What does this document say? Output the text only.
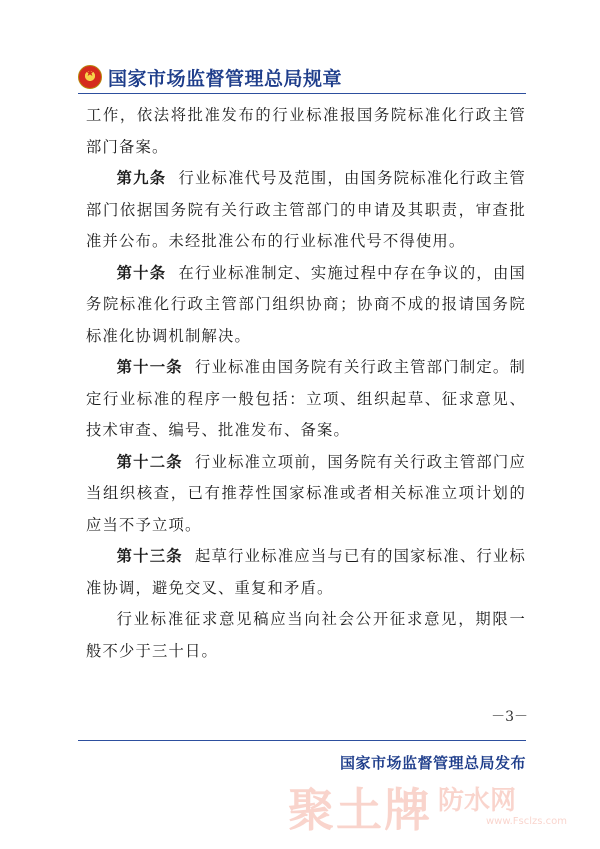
★
国家市场监督管理总局规章

工作，依法将批准发布的行业标准报国务院标准化行政主管部门备案。

第九条 行业标准代号及范围，由国务院标准化行政主管部门依据国务院有关行政主管部门的申请及其职责，审查批准并公布。未经批准公布的行业标准代号不得使用。

第十条 在行业标准制定、实施过程中存在争议的，由国务院标准化行政主管部门组织协商；协商不成的报请国务院标准化协调机制解决。

第十一条 行业标准由国务院有关行政主管部门制定。制定行业标准的程序一般包括：立项、组织起草、征求意见、技术审查、编号、批准发布、备案。

第十二条 行业标准立项前，国务院有关行政主管部门应当组织核查，已有推荐性国家标准或者相关标准立项计划的应当不予立项。

第十三条 起草行业标准应当与已有的国家标准、行业标准协调，避免交叉、重复和矛盾。

行业标准征求意见稿应当向社会公开征求意见，期限一般不少于三十日。

－3－
国家市场监督管理总局发布
聚土牌 防水网
www.Fsclzs.com
